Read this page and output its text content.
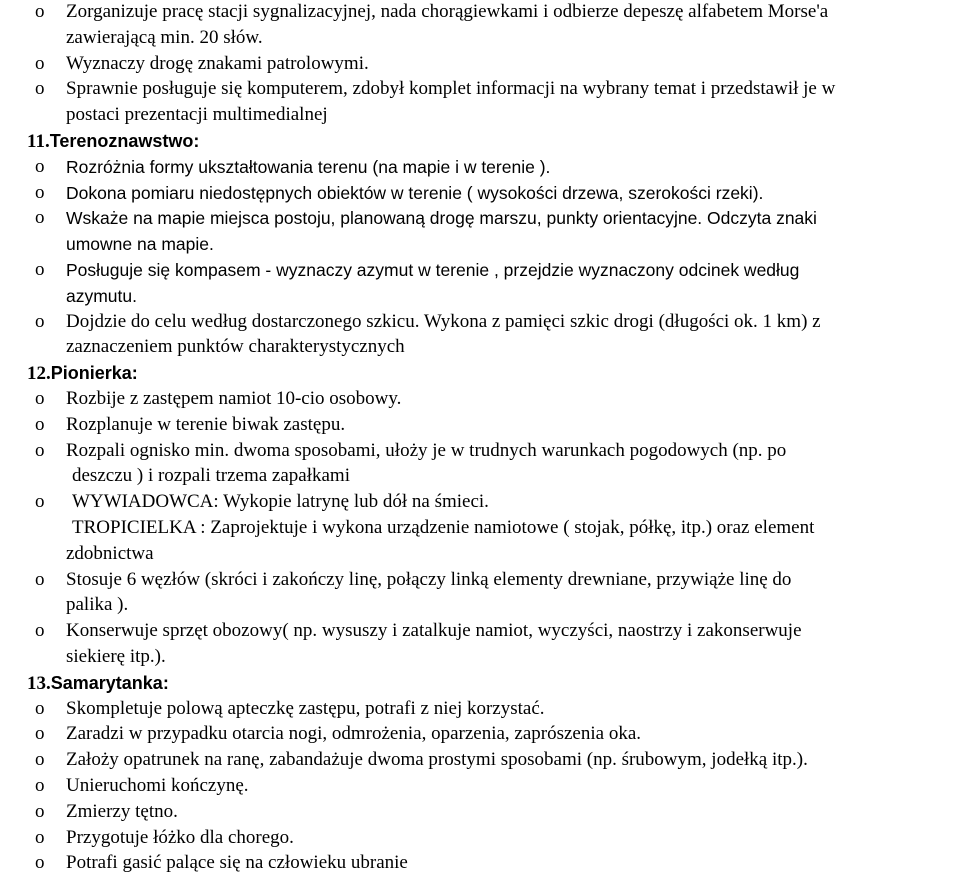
o	Zorganizuje pracę stacji sygnalizacyjnej, nada chorągiewkami i odbierze depeszę alfabetem Morse'a
zawierającą min. 20 słów.
o	Wyznaczy drogę znakami patrolowymi.
o	Sprawnie posługuje się komputerem, zdobył komplet informacji na wybrany temat i przedstawił je w
postaci prezentacji multimedialnej
11.Terenoznawstwo:
o	Rozróżnia formy ukształtowania terenu (na mapie i w terenie ).
o	Dokona pomiaru niedostępnych obiektów w terenie ( wysokości drzewa, szerokości rzeki).
o	Wskaże na mapie miejsca postoju, planowaną drogę marszu, punkty orientacyjne. Odczyta znaki
umowne na mapie.
o	Posługuje się kompasem - wyznaczy azymut w terenie , przejdzie wyznaczony odcinek według
azymutu.
o	Dojdzie do celu według dostarczonego szkicu. Wykona z pamięci szkic drogi (długości ok. 1 km) z
zaznaczeniem punktów charakterystycznych
12.Pionierka:
o	Rozbije z zastępem namiot 10-cio osobowy.
o	Rozplanuje w terenie biwak zastępu.
o	Rozpali ognisko min. dwoma sposobami, ułoży je w trudnych warunkach pogodowych (np. po
deszczu ) i rozpali trzema zapałkami
o	WYWIADOWCA: Wykopie latrynę lub dół na śmieci.
TROPICIELKA : Zaprojektuje i wykona urządzenie namiotowe ( stojak, półkę, itp.) oraz element
zdobnictwa
o	Stosuje 6 węzłów (skróci i zakończy linę, połączy linką elementy drewniane, przywiąże linę do
palika ).
o	Konserwuje sprzęt obozowy( np. wysuszy i zatalkuje namiot, wyczyści, naostrzy i zakonserwuje
siekierę itp.).
13.Samarytanka:
o	Skompletuje polową apteczkę zastępu, potrafi z niej korzystać.
o	Zaradzi w przypadku otarcia nogi, odmrożenia, oparzenia, zaprószenia oka.
o	Założy opatrunek na ranę, zabandażuje dwoma prostymi sposobami (np. śrubowym, jodełką itp.).
o	Unieruchomi kończynę.
o	Zmierzy tętno.
o	Przygotuje łóżko dla chorego.
o	Potrafi gasić palące się na człowieku ubranie
